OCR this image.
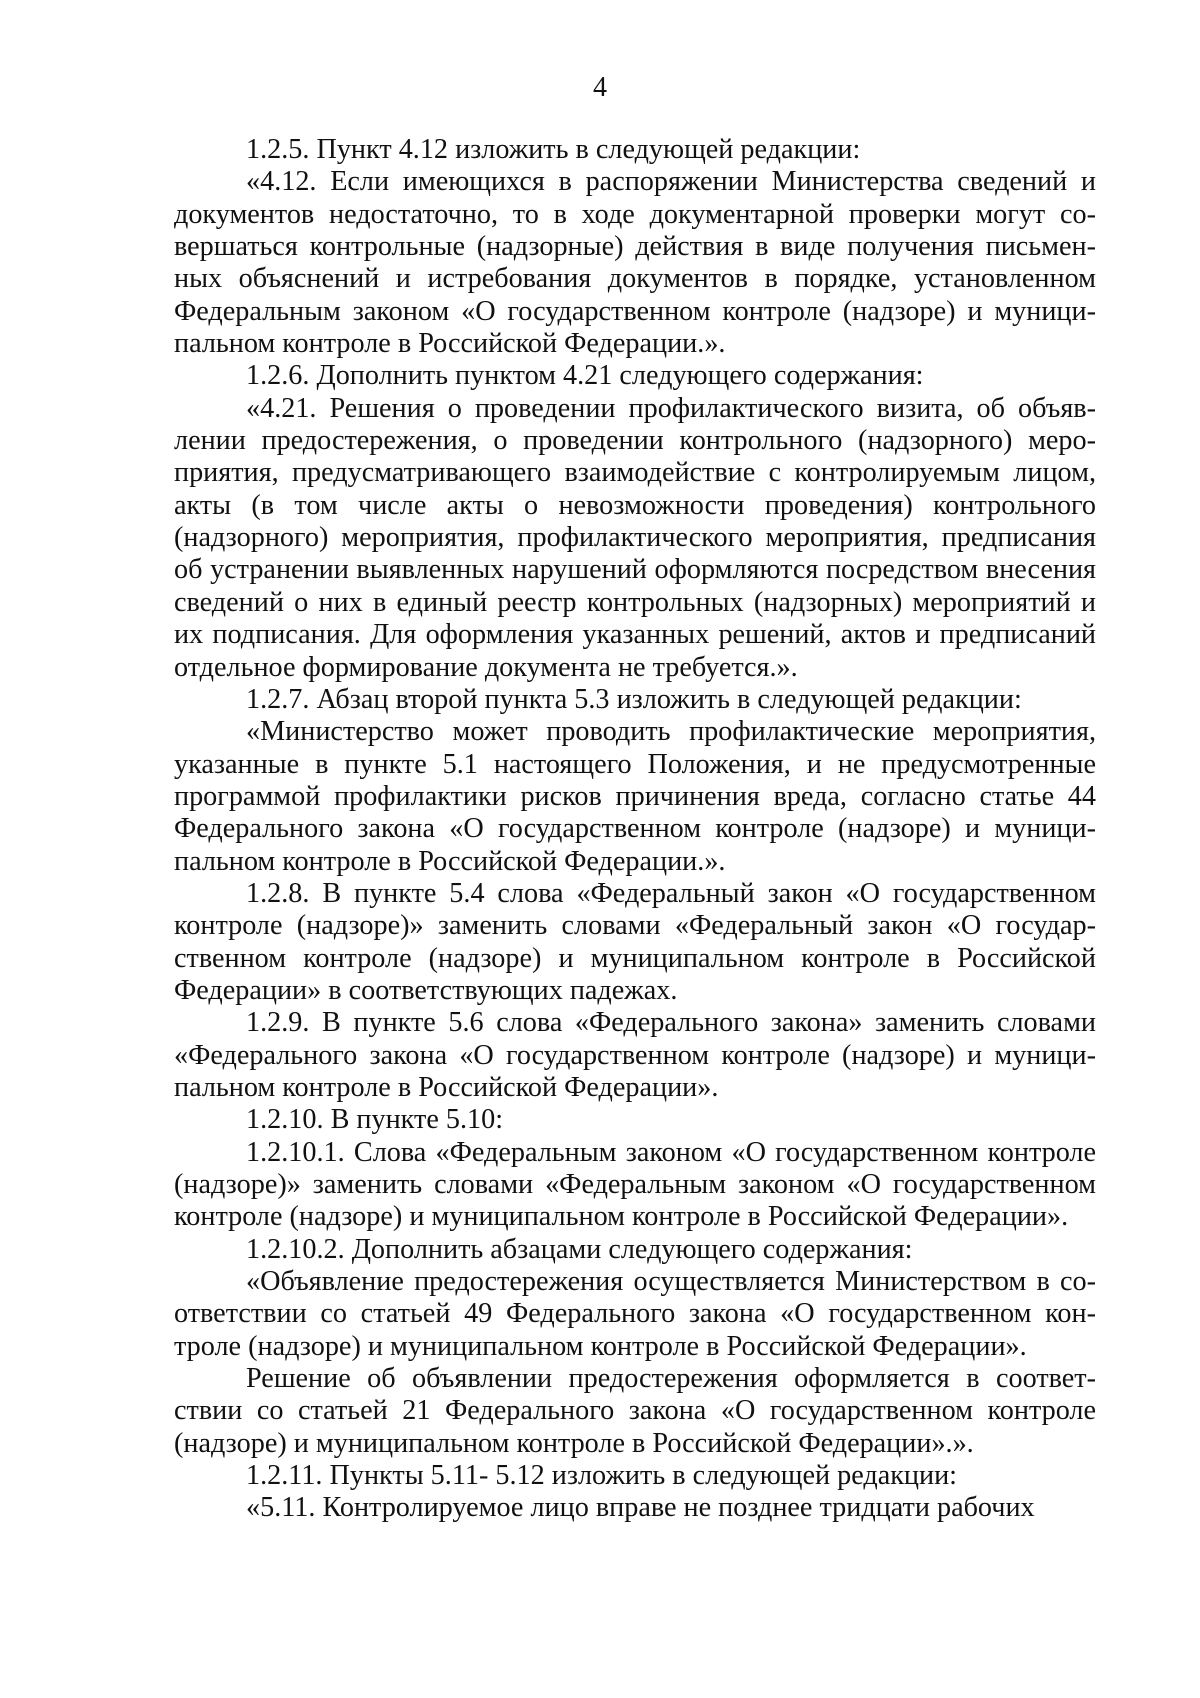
4

1.2.5. Пункт 4.12 изложить в следующей редакции:

«4.12. Если имеющихся в распоряжении Министерства сведений и документов недостаточно, то в ходе документарной проверки могут совершаться контрольные (надзорные) действия в виде получения письменных объяснений и истребования документов в порядке, установленном Федеральным законом «О государственном контроле (надзоре) и муниципальном контроле в Российской Федерации.».

1.2.6. Дополнить пунктом 4.21 следующего содержания:

«4.21. Решения о проведении профилактического визита, об объявлении предостережения, о проведении контрольного (надзорного) мероприятия, предусматривающего взаимодействие с контролируемым лицом, акты (в том числе акты о невозможности проведения) контрольного (надзорного) мероприятия, профилактического мероприятия, предписания об устранении выявленных нарушений оформляются посредством внесения сведений о них в единый реестр контрольных (надзорных) мероприятий и их подписания. Для оформления указанных решений, актов и предписаний отдельное формирование документа не требуется.».

1.2.7. Абзац второй пункта 5.3 изложить в следующей редакции:

«Министерство может проводить профилактические мероприятия, указанные в пункте 5.1 настоящего Положения, и не предусмотренные программой профилактики рисков причинения вреда, согласно статье 44 Федерального закона «О государственном контроле (надзоре) и муниципальном контроле в Российской Федерации.».

1.2.8. В пункте 5.4 слова «Федеральный закон «О государственном контроле (надзоре)» заменить словами «Федеральный закон «О государственном контроле (надзоре) и муниципальном контроле в Российской Федерации» в соответствующих падежах.

1.2.9. В пункте 5.6 слова «Федерального закона» заменить словами «Федерального закона «О государственном контроле (надзоре) и муниципальном контроле в Российской Федерации».

1.2.10. В пункте 5.10:

1.2.10.1. Слова «Федеральным законом «О государственном контроле (надзоре)» заменить словами «Федеральным законом «О государственном контроле (надзоре) и муниципальном контроле в Российской Федерации».

1.2.10.2. Дополнить абзацами следующего содержания:

«Объявление предостережения осуществляется Министерством в соответствии со статьей 49 Федерального закона «О государственном контроле (надзоре) и муниципальном контроле в Российской Федерации».

Решение об объявлении предостережения оформляется в соответствии со статьей 21 Федерального закона «О государственном контроле (надзоре) и муниципальном контроле в Российской Федерации».».

1.2.11. Пункты 5.11- 5.12 изложить в следующей редакции:

«5.11. Контролируемое лицо вправе не позднее тридцати рабочих
